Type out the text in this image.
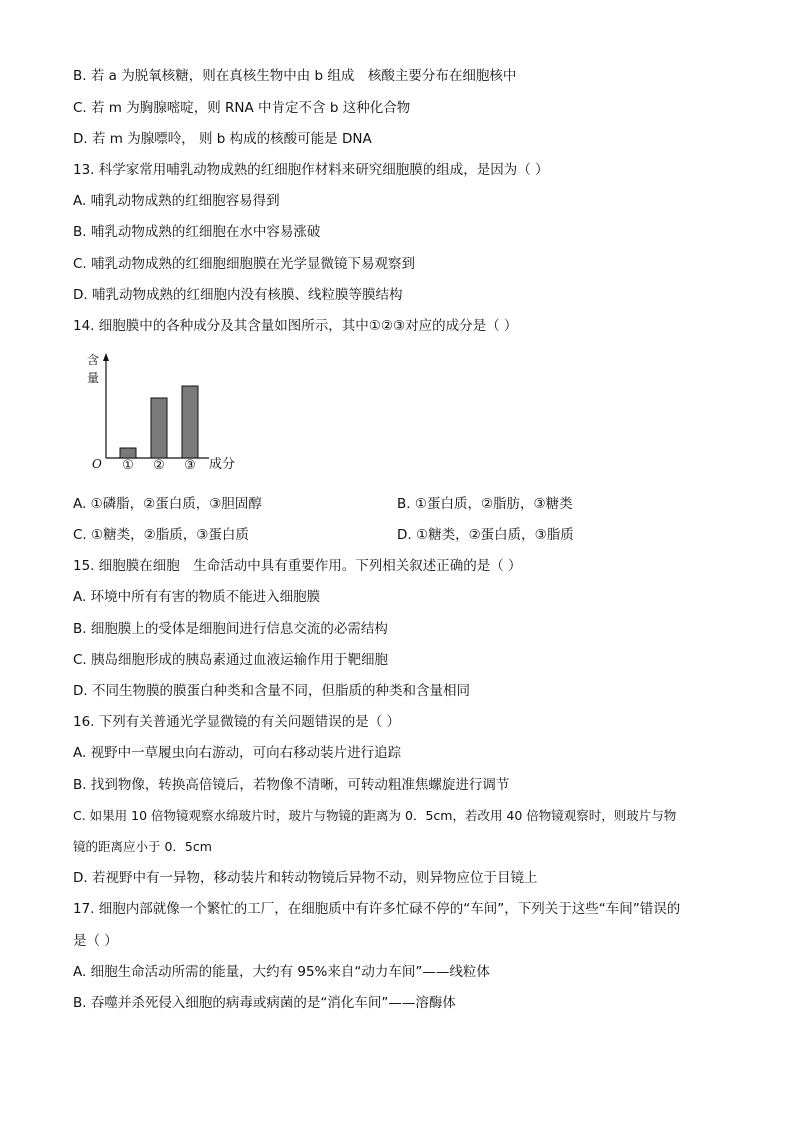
B. 若 a 为脱氧核糖，则在真核生物中由 b 组成　核酸主要分布在细胞核中
C. 若 m 为胸腺嘧啶，则 RNA 中肯定不含 b 这种化合物
D. 若 m 为腺嘌呤， 则 b 构成的核酸可能是 DNA
13. 科学家常用哺乳动物成熟的红细胞作材料来研究细胞膜的组成，是因为（ ）
A. 哺乳动物成熟的红细胞容易得到
B. 哺乳动物成熟的红细胞在水中容易涨破
C. 哺乳动物成熟的红细胞细胞膜在光学显微镜下易观察到
D. 哺乳动物成熟的红细胞内没有核膜、线粒膜等膜结构
14. 细胞膜中的各种成分及其含量如图所示，其中①②③对应的成分是（ ）
含
量
O ① ② ③ 成分
A. ①磷脂，②蛋白质，③胆固醇	B. ①蛋白质，②脂肪，③糖类
C. ①糖类，②脂质，③蛋白质	D. ①糖类，②蛋白质，③脂质
15. 细胞膜在细胞　生命活动中具有重要作用。下列相关叙述正确的是（ ）
A. 环境中所有有害的物质不能进入细胞膜
B. 细胞膜上的受体是细胞间进行信息交流的必需结构
C. 胰岛细胞形成的胰岛素通过血液运输作用于靶细胞
D. 不同生物膜的膜蛋白种类和含量不同，但脂质的种类和含量相同
16. 下列有关普通光学显微镜的有关问题错误的是（ ）
A. 视野中一草履虫向右游动，可向右移动装片进行追踪
B. 找到物像，转换高倍镜后，若物像不清晰，可转动粗准焦螺旋进行调节
C. 如果用 10 倍物镜观察水绵玻片时，玻片与物镜的距离为 0．5cm，若改用 40 倍物镜观察时，则玻片与物
镜的距离应小于 0．5cm
D. 若视野中有一异物，移动装片和转动物镜后异物不动，则异物应位于目镜上
17. 细胞内部就像一个繁忙的工厂，在细胞质中有许多忙碌不停的“车间”，下列关于这些“车间”错误的
是（ ）
A. 细胞生命活动所需的能量，大约有 95%来自“动力车间”——线粒体
B. 吞噬并杀死侵入细胞的病毒或病菌的是“消化车间”——溶酶体
